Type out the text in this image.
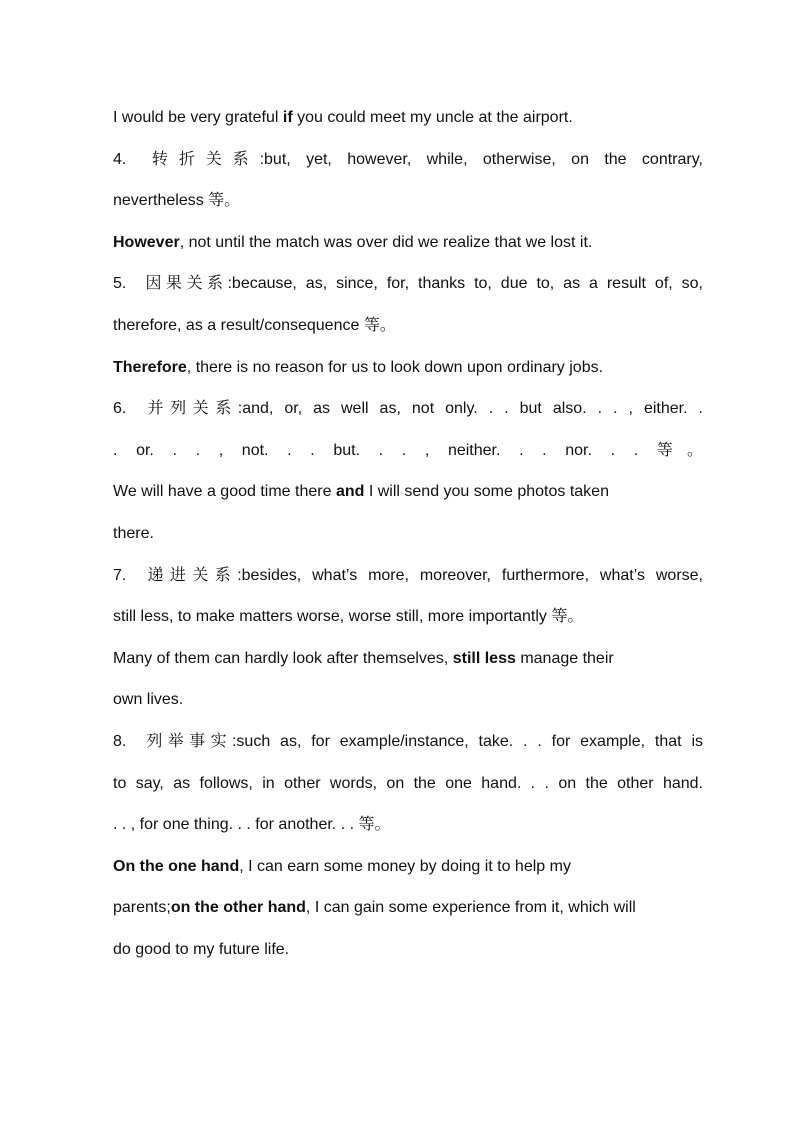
I would be very grateful if you could meet my uncle at the airport.
4. 转折关系:but, yet, however, while, otherwise, on the contrary,
nevertheless 等。
However, not until the match was over did we realize that we lost it.
5. 因果关系:because, as, since, for, thanks to, due to, as a result of, so,
therefore, as a result/consequence 等。
Therefore, there is no reason for us to look down upon ordinary jobs.
6. 并列关系:and, or, as well as, not only. . . but also. . . , either. .
. or. . . , not. . . but. . . , neither. . . nor. . . 等。
We will have a good time there and I will send you some photos taken
there.
7. 递进关系:besides, what’s more, moreover, furthermore, what’s worse,
still less, to make matters worse, worse still, more importantly 等。
Many of them can hardly look after themselves, still less manage their
own lives.
8. 列举事实:such as, for example/instance, take. . . for example, that is
to say, as follows, in other words, on the one hand. . . on the other hand.
. . , for one thing. . . for another. . . 等。
On the one hand, I can earn some money by doing it to help my
parents;on the other hand, I can gain some experience from it, which will
do good to my future life.
